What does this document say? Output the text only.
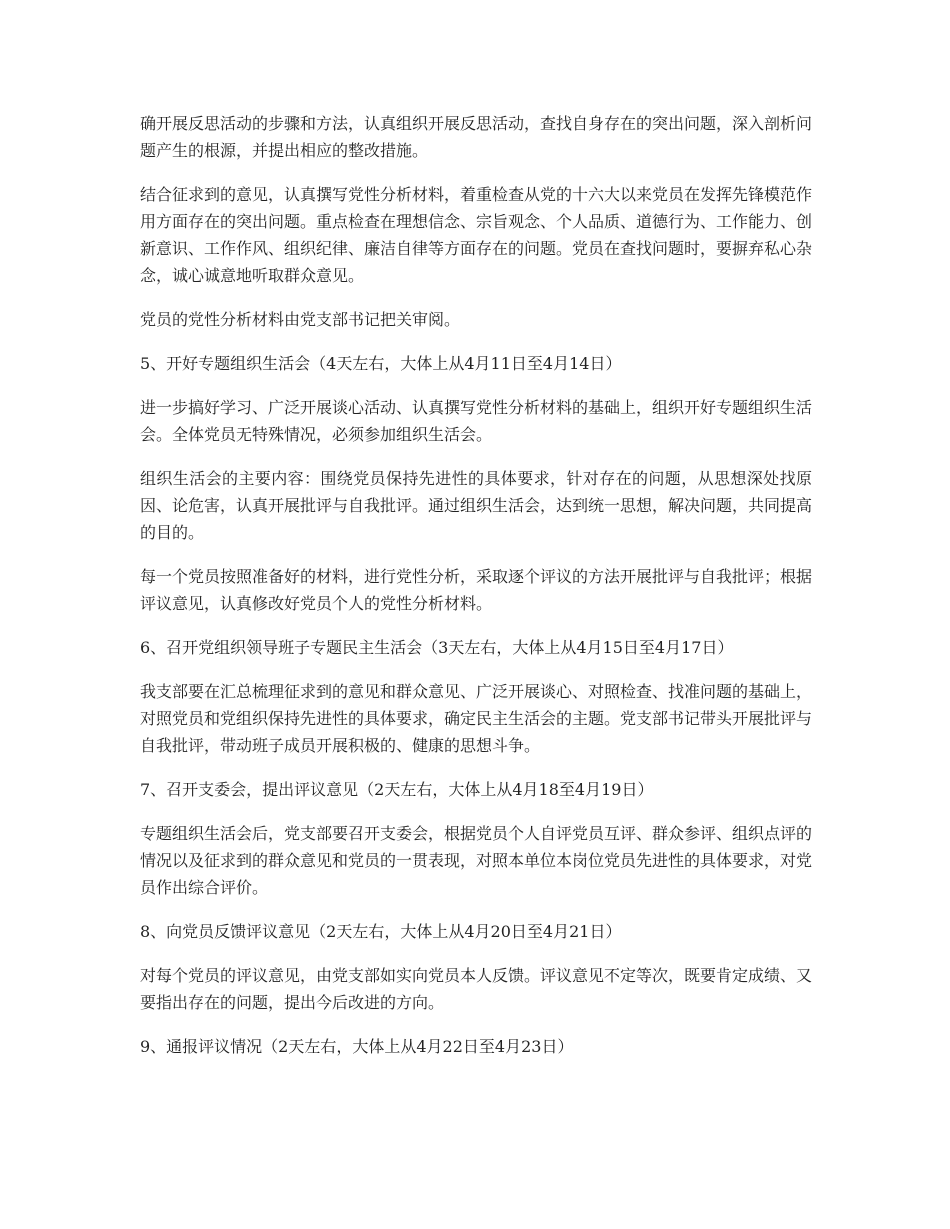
确开展反思活动的步骤和方法，认真组织开展反思活动，查找自身存在的突出问题，深入剖析问题产生的根源，并提出相应的整改措施。

结合征求到的意见，认真撰写党性分析材料，着重检查从党的十六大以来党员在发挥先锋模范作用方面存在的突出问题。重点检查在理想信念、宗旨观念、个人品质、道德行为、工作能力、创新意识、工作作风、组织纪律、廉洁自律等方面存在的问题。党员在查找问题时，要摒弃私心杂念，诚心诚意地听取群众意见。

党员的党性分析材料由党支部书记把关审阅。

5、开好专题组织生活会（4天左右，大体上从4月11日至4月14日）

进一步搞好学习、广泛开展谈心活动、认真撰写党性分析材料的基础上，组织开好专题组织生活会。全体党员无特殊情况，必须参加组织生活会。

组织生活会的主要内容：围绕党员保持先进性的具体要求，针对存在的问题，从思想深处找原因、论危害，认真开展批评与自我批评。通过组织生活会，达到统一思想，解决问题，共同提高的目的。

每一个党员按照准备好的材料，进行党性分析，采取逐个评议的方法开展批评与自我批评；根据评议意见，认真修改好党员个人的党性分析材料。

6、召开党组织领导班子专题民主生活会（3天左右，大体上从4月15日至4月17日）

我支部要在汇总梳理征求到的意见和群众意见、广泛开展谈心、对照检查、找准问题的基础上，对照党员和党组织保持先进性的具体要求，确定民主生活会的主题。党支部书记带头开展批评与自我批评，带动班子成员开展积极的、健康的思想斗争。

7、召开支委会，提出评议意见（2天左右，大体上从4月18至4月19日）

专题组织生活会后，党支部要召开支委会，根据党员个人自评党员互评、群众参评、组织点评的情况以及征求到的群众意见和党员的一贯表现，对照本单位本岗位党员先进性的具体要求，对党员作出综合评价。

8、向党员反馈评议意见（2天左右，大体上从4月20日至4月21日）

对每个党员的评议意见，由党支部如实向党员本人反馈。评议意见不定等次，既要肯定成绩、又要指出存在的问题，提出今后改进的方向。

9、通报评议情况（2天左右，大体上从4月22日至4月23日）
